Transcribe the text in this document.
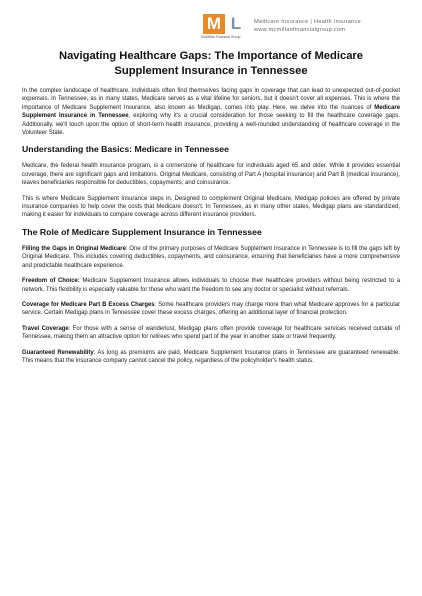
M L
McMillan Financial Group
Medicare Insurance | Health Insurance
www.mcmillanfinancialgroup.com
Navigating Healthcare Gaps: The Importance of Medicare Supplement Insurance in Tennessee

In the complex landscape of healthcare, individuals often find themselves facing gaps in coverage that can lead to unexpected out-of-pocket expenses. In Tennessee, as in many states, Medicare serves as a vital lifeline for seniors, but it doesn't cover all expenses. This is where the importance of Medicare Supplement Insurance, also known as Medigap, comes into play. Here, we delve into the nuances of Medicare Supplement Insurance in Tennessee, exploring why it's a crucial consideration for those seeking to fill the healthcare coverage gaps. Additionally, we'll touch upon the option of short-term health insurance, providing a well-rounded understanding of healthcare coverage in the Volunteer State.

Understanding the Basics: Medicare in Tennessee

Medicare, the federal health insurance program, is a cornerstone of healthcare for individuals aged 65 and older. While it provides essential coverage, there are significant gaps and limitations. Original Medicare, consisting of Part A (hospital insurance) and Part B (medical insurance), leaves beneficiaries responsible for deductibles, copayments, and coinsurance.

This is where Medicare Supplement Insurance steps in. Designed to complement Original Medicare, Medigap policies are offered by private insurance companies to help cover the costs that Medicare doesn't. In Tennessee, as in many other states, Medigap plans are standardized, making it easier for individuals to compare coverage across different insurance providers.

The Role of Medicare Supplement Insurance in Tennessee

Filling the Gaps in Original Medicare: One of the primary purposes of Medicare Supplement Insurance in Tennessee is to fill the gaps left by Original Medicare. This includes covering deductibles, copayments, and coinsurance, ensuring that beneficiaries have a more comprehensive and predictable healthcare experience.

Freedom of Choice: Medicare Supplement Insurance allows individuals to choose their healthcare providers without being restricted to a network. This flexibility is especially valuable for those who want the freedom to see any doctor or specialist without referrals.

Coverage for Medicare Part B Excess Charges: Some healthcare providers may charge more than what Medicare approves for a particular service. Certain Medigap plans in Tennessee cover these excess charges, offering an additional layer of financial protection.

Travel Coverage: For those with a sense of wanderlust, Medigap plans often provide coverage for healthcare services received outside of Tennessee, making them an attractive option for retirees who spend part of the year in another state or travel frequently.

Guaranteed Renewability: As long as premiums are paid, Medicare Supplement Insurance plans in Tennessee are guaranteed renewable. This means that the insurance company cannot cancel the policy, regardless of the policyholder's health status.
